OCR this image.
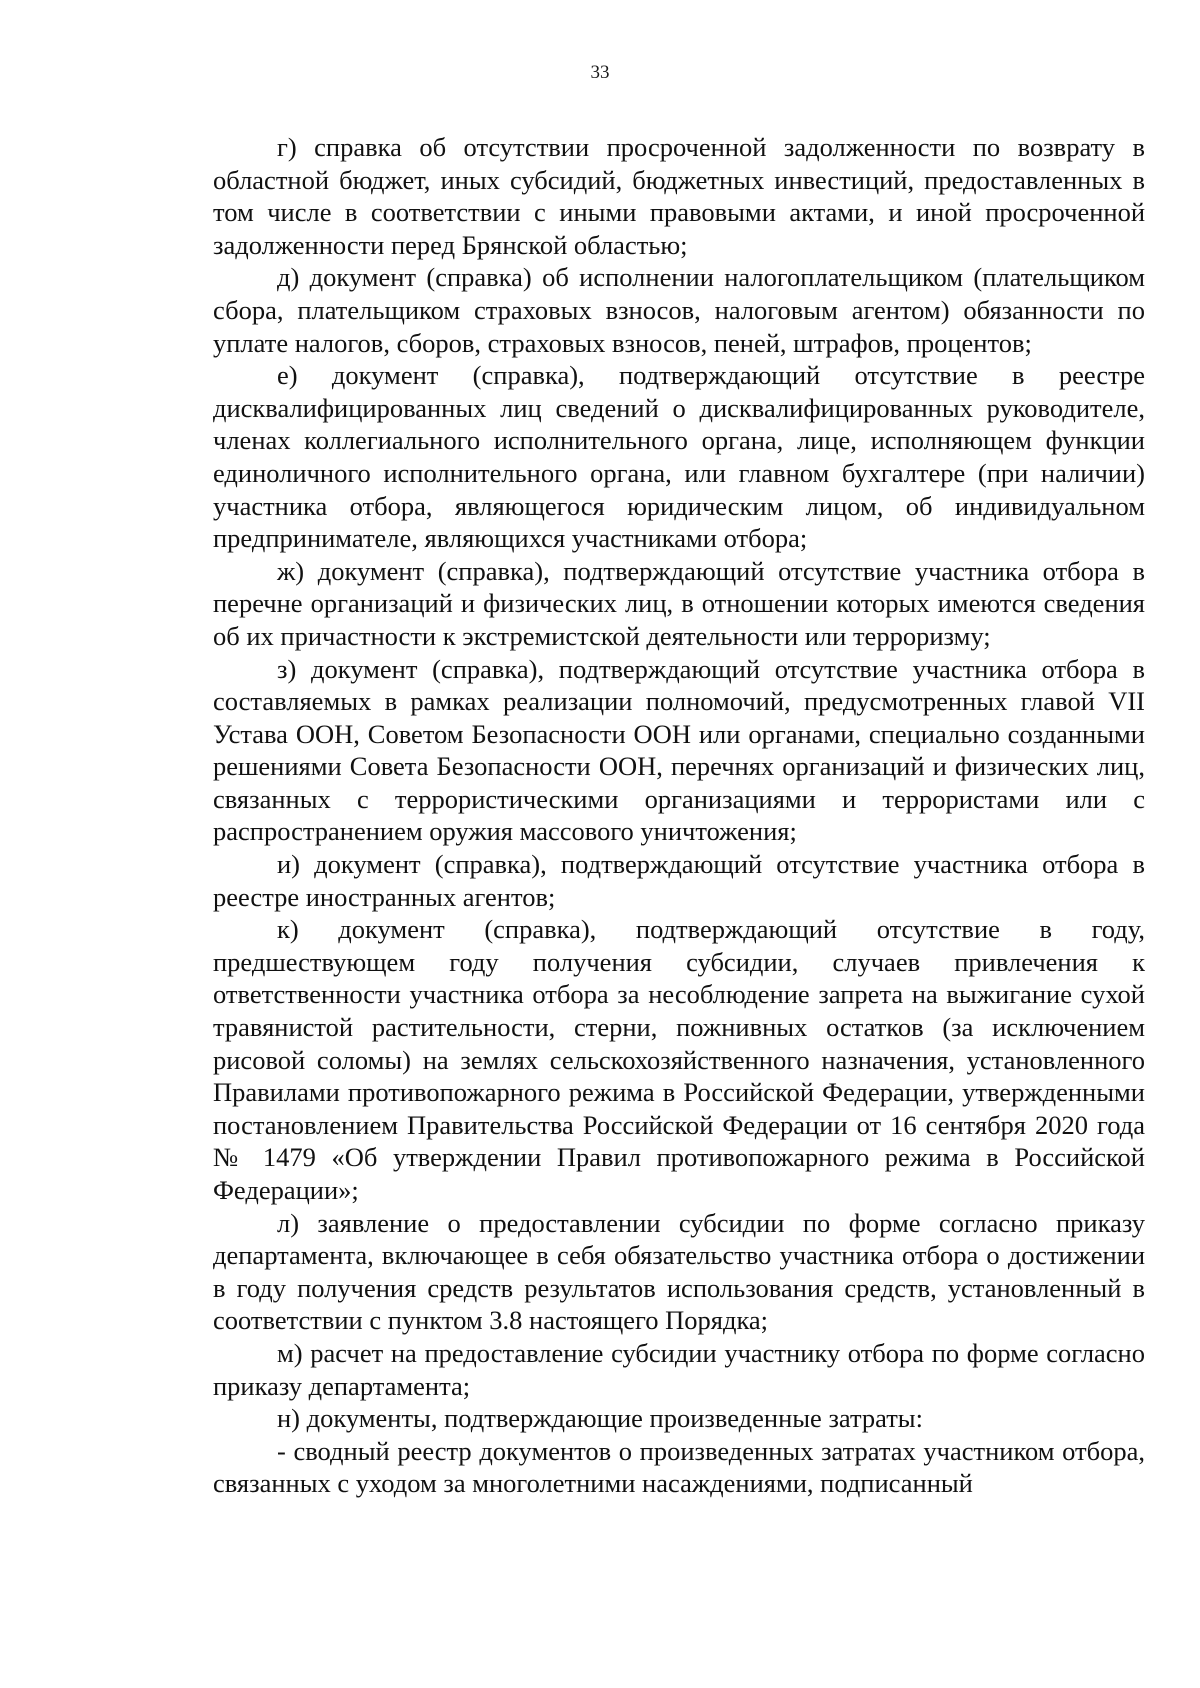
33

г) справка об отсутствии просроченной задолженности по возврату в областной бюджет, иных субсидий, бюджетных инвестиций, предоставленных в том числе в соответствии с иными правовыми актами, и иной просроченной задолженности перед Брянской областью;

д) документ (справка) об исполнении налогоплательщиком (плательщиком сбора, плательщиком страховых взносов, налоговым агентом) обязанности по уплате налогов, сборов, страховых взносов, пеней, штрафов, процентов;

е) документ (справка), подтверждающий отсутствие в реестре дисквалифицированных лиц сведений о дисквалифицированных руководителе, членах коллегиального исполнительного органа, лице, исполняющем функции единоличного исполнительного органа, или главном бухгалтере (при наличии) участника отбора, являющегося юридическим лицом, об индивидуальном предпринимателе, являющихся участниками отбора;

ж) документ (справка), подтверждающий отсутствие участника отбора в перечне организаций и физических лиц, в отношении которых имеются сведения об их причастности к экстремистской деятельности или терроризму;

з) документ (справка), подтверждающий отсутствие участника отбора в составляемых в рамках реализации полномочий, предусмотренных главой VII Устава ООН, Советом Безопасности ООН или органами, специально созданными решениями Совета Безопасности ООН, перечнях организаций и физических лиц, связанных с террористическими организациями и террористами или с распространением оружия массового уничтожения;

и) документ (справка), подтверждающий отсутствие участника отбора в реестре иностранных агентов;

к) документ (справка), подтверждающий отсутствие в году, предшествующем году получения субсидии, случаев привлечения к ответственности участника отбора за несоблюдение запрета на выжигание сухой травянистой растительности, стерни, пожнивных остатков (за исключением рисовой соломы) на землях сельскохозяйственного назначения, установленного Правилами противопожарного режима в Российской Федерации, утвержденными постановлением Правительства Российской Федерации от 16 сентября 2020 года № 1479 «Об утверждении Правил противопожарного режима в Российской Федерации»;

л) заявление о предоставлении субсидии по форме согласно приказу департамента, включающее в себя обязательство участника отбора о достижении в году получения средств результатов использования средств, установленный в соответствии с пунктом 3.8 настоящего Порядка;

м) расчет на предоставление субсидии участнику отбора по форме согласно приказу департамента;

н) документы, подтверждающие произведенные затраты:

- сводный реестр документов о произведенных затратах участником отбора, связанных с уходом за многолетними насаждениями, подписанный
